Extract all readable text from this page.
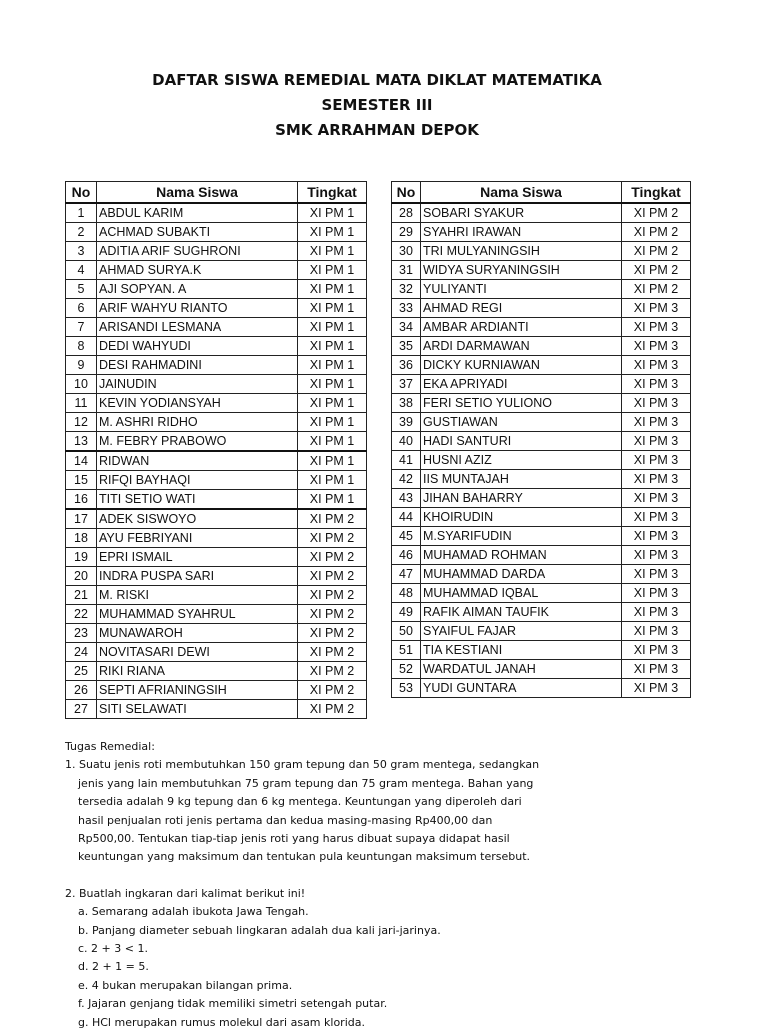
DAFTAR SISWA REMEDIAL MATA DIKLAT MATEMATIKA
SEMESTER III
SMK ARRAHMAN DEPOK
No	Nama Siswa	Tingkat
1	ABDUL KARIM	XI PM 1
2	ACHMAD SUBAKTI	XI PM 1
3	ADITIA ARIF SUGHRONI	XI PM 1
4	AHMAD SURYA.K	XI PM 1
5	AJI SOPYAN. A	XI PM 1
6	ARIF WAHYU RIANTO	XI PM 1
7	ARISANDI LESMANA	XI PM 1
8	DEDI WAHYUDI	XI PM 1
9	DESI RAHMADINI	XI PM 1
10	JAINUDIN	XI PM 1
11	KEVIN YODIANSYAH	XI PM 1
12	M. ASHRI RIDHO	XI PM 1
13	M. FEBRY PRABOWO	XI PM 1
14	RIDWAN	XI PM 1
15	RIFQI BAYHAQI	XI PM 1
16	TITI SETIO WATI	XI PM 1
17	ADEK SISWOYO	XI PM 2
18	AYU FEBRIYANI	XI PM 2
19	EPRI ISMAIL	XI PM 2
20	INDRA PUSPA SARI	XI PM 2
21	M. RISKI	XI PM 2
22	MUHAMMAD SYAHRUL	XI PM 2
23	MUNAWAROH	XI PM 2
24	NOVITASARI DEWI	XI PM 2
25	RIKI RIANA	XI PM 2
26	SEPTI AFRIANINGSIH	XI PM 2
27	SITI SELAWATI	XI PM 2
No	Nama Siswa	Tingkat
28	SOBARI SYAKUR	XI PM 2
29	SYAHRI IRAWAN	XI PM 2
30	TRI MULYANINGSIH	XI PM 2
31	WIDYA SURYANINGSIH	XI PM 2
32	YULIYANTI	XI PM 2
33	AHMAD REGI	XI PM 3
34	AMBAR ARDIANTI	XI PM 3
35	ARDI DARMAWAN	XI PM 3
36	DICKY KURNIAWAN	XI PM 3
37	EKA APRIYADI	XI PM 3
38	FERI SETIO YULIONO	XI PM 3
39	GUSTIAWAN	XI PM 3
40	HADI SANTURI	XI PM 3
41	HUSNI AZIZ	XI PM 3
42	IIS MUNTAJAH	XI PM 3
43	JIHAN BAHARRY	XI PM 3
44	KHOIRUDIN	XI PM 3
45	M.SYARIFUDIN	XI PM 3
46	MUHAMAD ROHMAN	XI PM 3
47	MUHAMMAD DARDA	XI PM 3
48	MUHAMMAD IQBAL	XI PM 3
49	RAFIK AIMAN TAUFIK	XI PM 3
50	SYAIFUL FAJAR	XI PM 3
51	TIA KESTIANI	XI PM 3
52	WARDATUL JANAH	XI PM 3
53	YUDI GUNTARA	XI PM 3

Tugas Remedial:

1. Suatu jenis roti membutuhkan 150 gram tepung dan 50 gram mentega, sedangkan

jenis yang lain membutuhkan 75 gram tepung dan 75 gram mentega. Bahan yang

tersedia adalah 9 kg tepung dan 6 kg mentega. Keuntungan yang diperoleh dari

hasil penjualan roti jenis pertama dan kedua masing-masing Rp400,00 dan

Rp500,00. Tentukan tiap-tiap jenis roti yang harus dibuat supaya didapat hasil

keuntungan yang maksimum dan tentukan pula keuntungan maksimum tersebut.

2. Buatlah ingkaran dari kalimat berikut ini!

a. Semarang adalah ibukota Jawa Tengah.

b. Panjang diameter sebuah lingkaran adalah dua kali jari-jarinya.

c. 2 + 3 < 1.

d. 2 + 1 = 5.

e. 4 bukan merupakan bilangan prima.

f. Jajaran genjang tidak memiliki simetri setengah putar.

g. HCl merupakan rumus molekul dari asam klorida.
